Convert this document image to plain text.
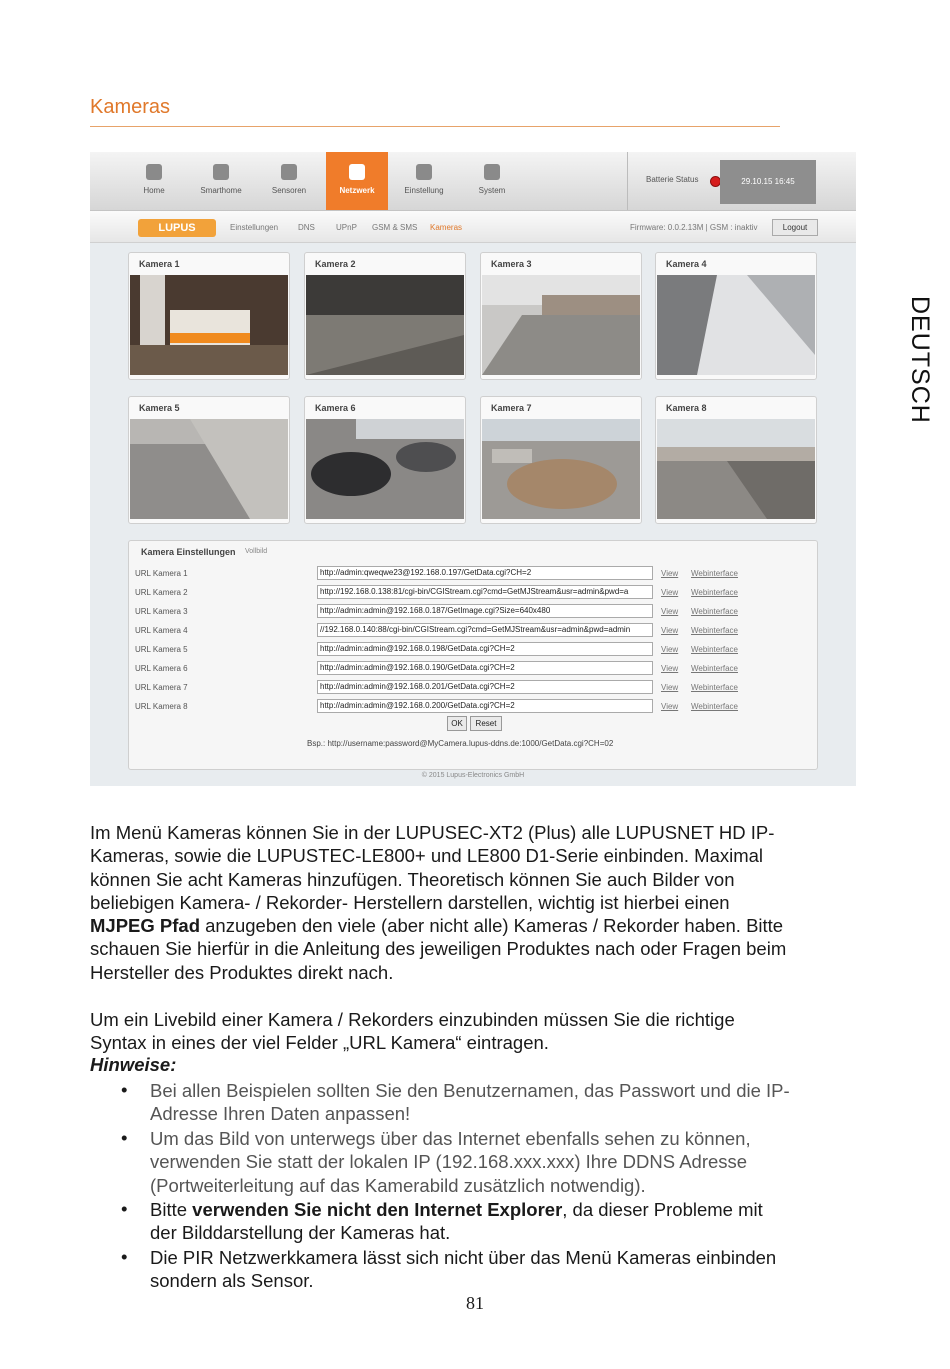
Kameras
DEUTSCH
Home	Smarthome	Sensoren	Netzwerk	Einstellung	System
Batterie Status	29.10.15 16:45
LUPUS	Einstellungen DNS	UPnP GSM & SMS Kameras	Firmware: 0.0.2.13M | GSM : inaktiv	Logout
Kamera 1	Kamera 2	Kamera 3	Kamera 4
Kamera 5	Kamera 6	Kamera 7	Kamera 8
Kamera Einstellungen Vollbild
URL Kamera 1	http://admin:qweqwe23@192.168.0.197/GetData.cgi?CH=2	View Webinterface
URL Kamera 2	http://192.168.0.138:81/cgi-bin/CGIStream.cgi?cmd=GetMJStream&usr=admin&pwd=a	View Webinterface
URL Kamera 3	http://admin:admin@192.168.0.187/GetImage.cgi?Size=640x480	View Webinterface
URL Kamera 4	//192.168.0.140:88/cgi-bin/CGIStream.cgi?cmd=GetMJStream&usr=admin&pwd=admin	View Webinterface
URL Kamera 5	http://admin:admin@192.168.0.198/GetData.cgi?CH=2	View Webinterface
URL Kamera 6	http://admin:admin@192.168.0.190/GetData.cgi?CH=2	View Webinterface
URL Kamera 7	http://admin:admin@192.168.0.201/GetData.cgi?CH=2	View Webinterface
URL Kamera 8	http://admin:admin@192.168.0.200/GetData.cgi?CH=2	View Webinterface
OK	Reset
Bsp.: http://username:password@MyCamera.lupus-ddns.de:1000/GetData.cgi?CH=02
© 2015 Lupus-Electronics GmbH
Im Menü Kameras können Sie in der LUPUSEC-XT2 (Plus) alle LUPUSNET HD IP-
Kameras, sowie die LUPUSTEC-LE800+ und LE800 D1-Serie einbinden. Maximal
können Sie acht Kameras hinzufügen. Theoretisch können Sie auch Bilder von
beliebigen Kamera- / Rekorder- Herstellern darstellen, wichtig ist hierbei einen
MJPEG Pfad anzugeben den viele (aber nicht alle) Kameras / Rekorder haben. Bitte
schauen Sie hierfür in die Anleitung des jeweiligen Produktes nach oder Fragen beim
Hersteller des Produktes direkt nach.
Um ein Livebild einer Kamera / Rekorders einzubinden müssen Sie die richtige
Syntax in eines der viel Felder „URL Kamera“ eintragen.
Hinweise:
• Bei allen Beispielen sollten Sie den Benutzernamen, das Passwort und die IP-
Adresse Ihren Daten anpassen!
• Um das Bild von unterwegs über das Internet ebenfalls sehen zu können,
verwenden Sie statt der lokalen IP (192.168.xxx.xxx) Ihre DDNS Adresse
(Portweiterleitung auf das Kamerabild zusätzlich notwendig).
• Bitte verwenden Sie nicht den Internet Explorer, da dieser Probleme mit
der Bilddarstellung der Kameras hat.
• Die PIR Netzwerkkamera lässt sich nicht über das Menü Kameras einbinden
sondern als Sensor.
81
